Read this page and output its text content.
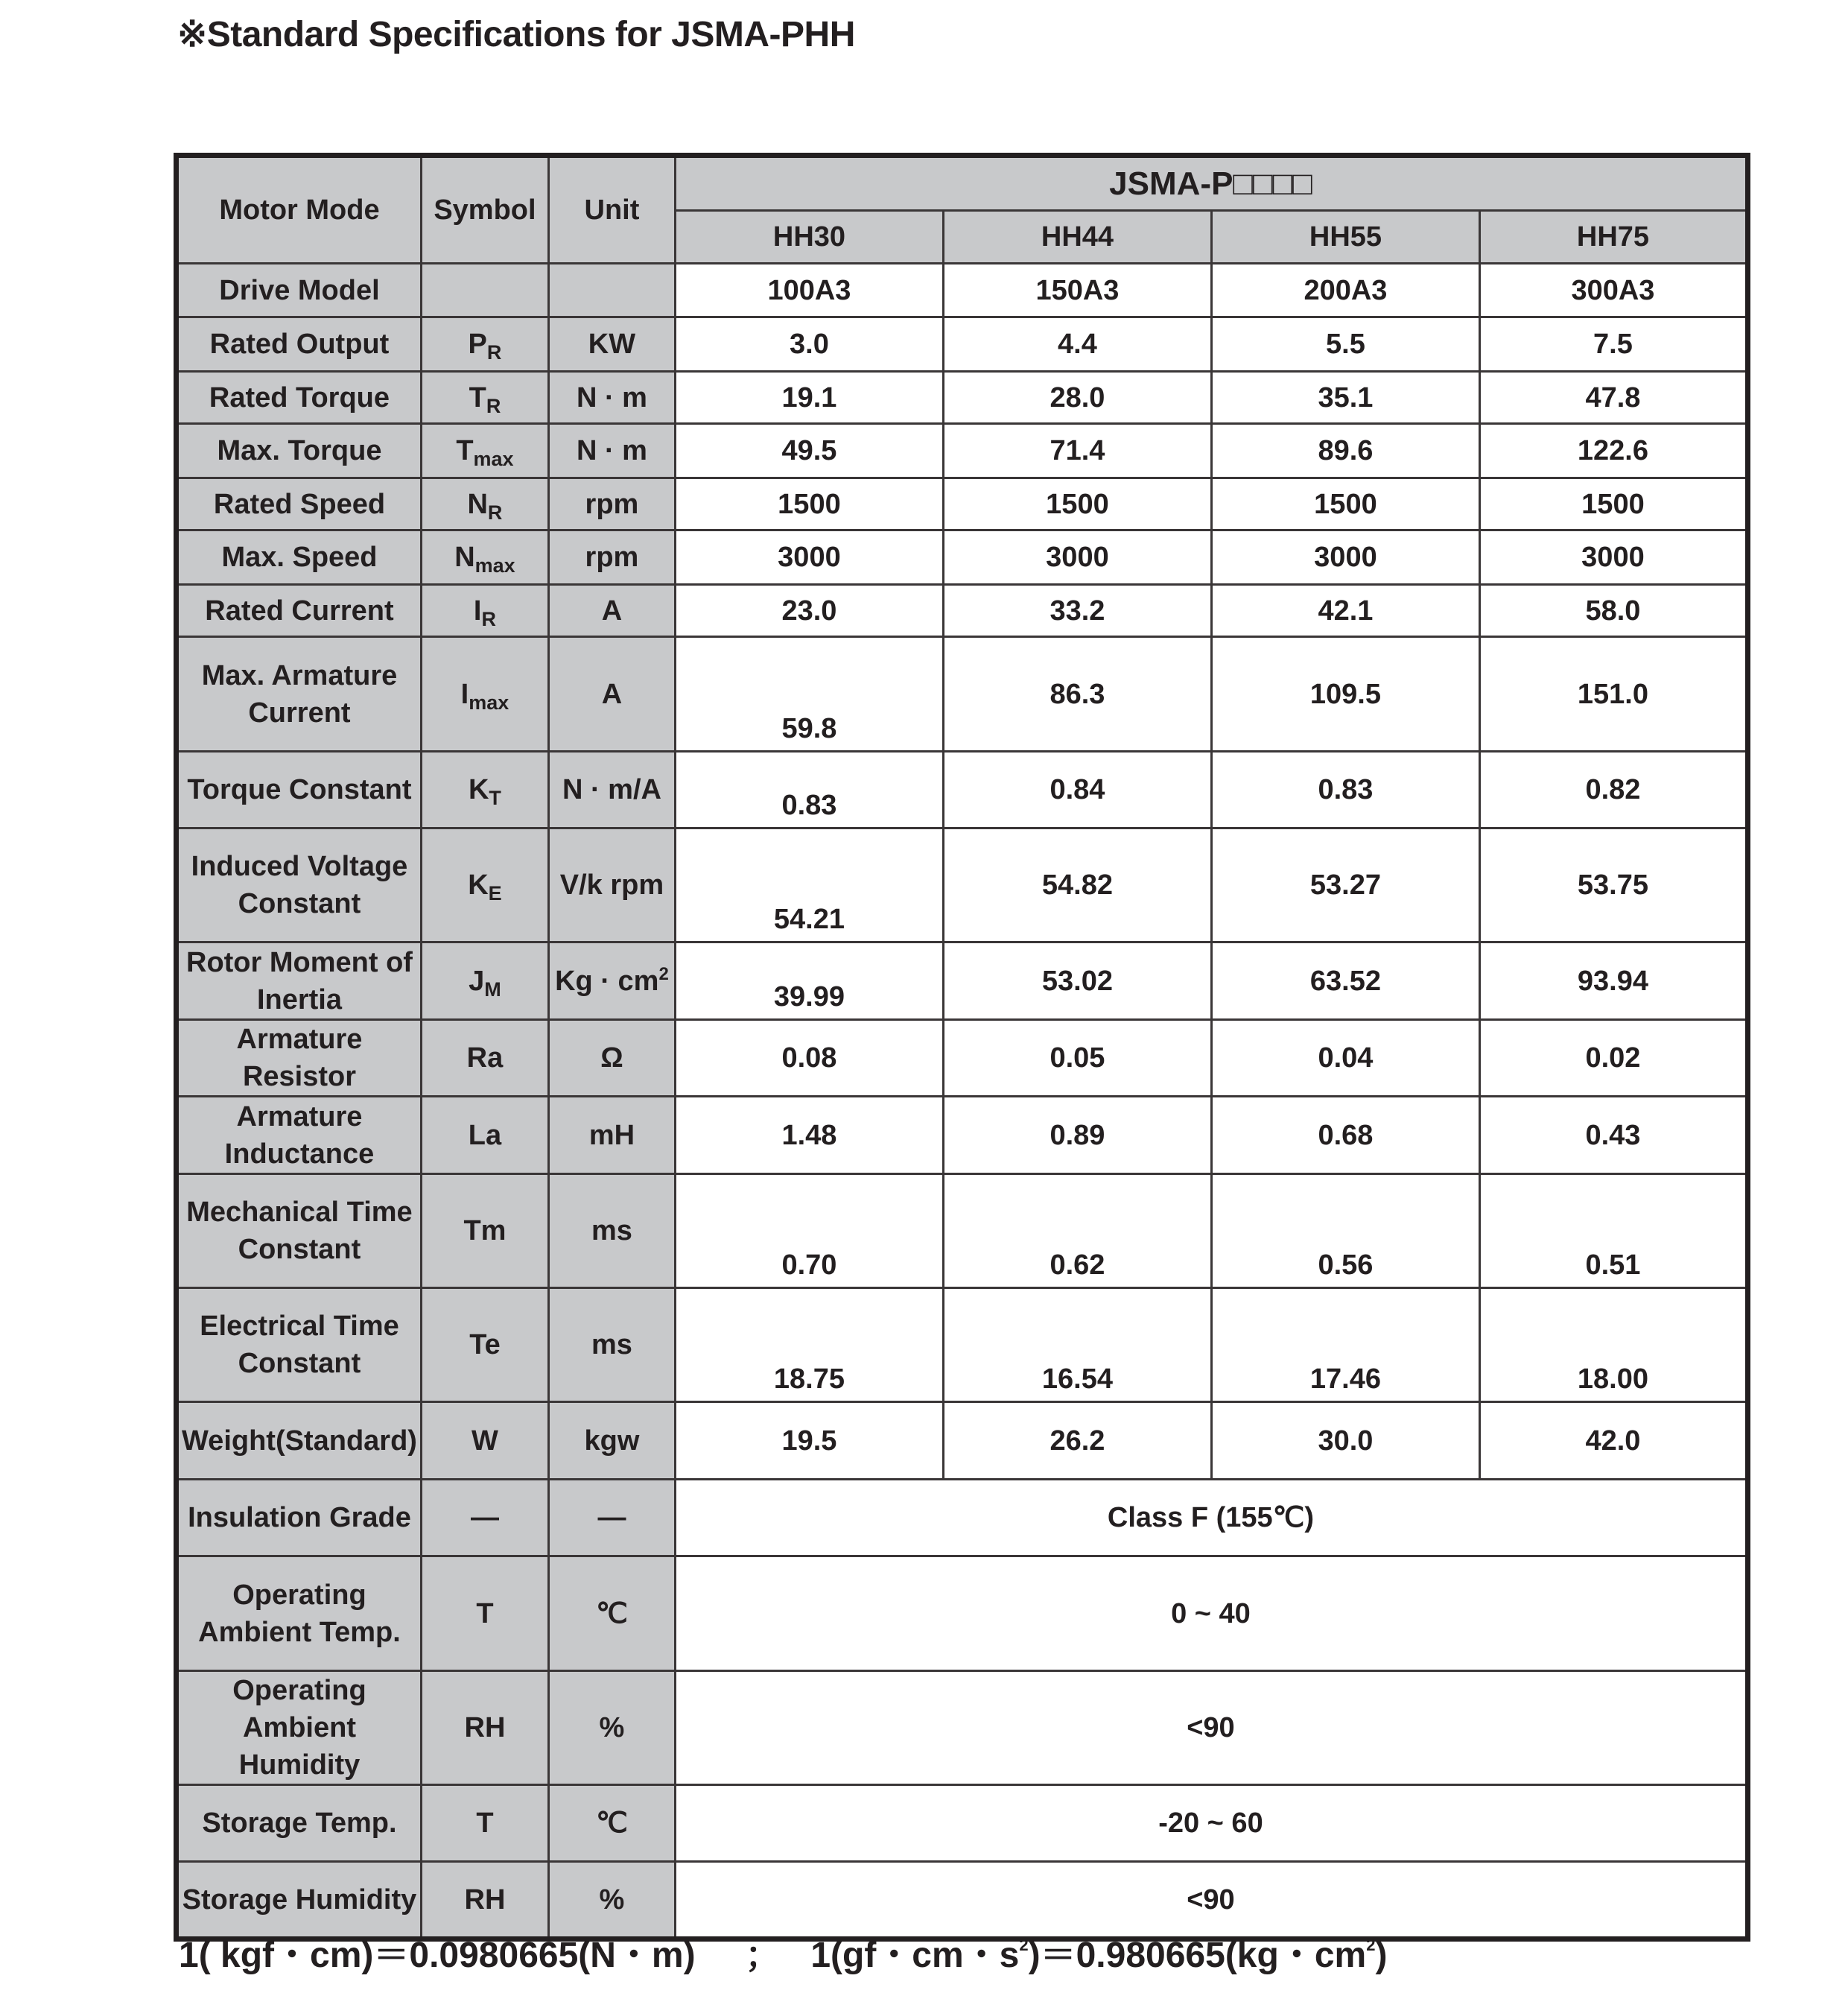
※Standard Specifications for JSMA-PHH
Motor Mode	Symbol	Unit	JSMA-P□□□□			
			HH30	HH44	HH55	HH75
Drive Model			100A3	150A3	200A3	300A3
Rated Output	$P_R$	KW	3.0	4.4	5.5	7.5
Rated Torque	$T_R$	N · m	19.1	28.0	35.1	47.8
Max. Torque	$T_{max}$	N · m	49.5	71.4	89.6	122.6
Rated Speed	$N_R$	rpm	1500	1500	1500	1500
Max. Speed	$N_{max}$	rpm	3000	3000	3000	3000
Rated Current	$I_R$	A	23.0	33.2	42.1	58.0
Max. Armature Current	$I_{max}$	A	59.8	86.3	109.5	151.0
Torque Constant	$K_T$	N · m/A	0.83	0.84	0.83	0.82
Induced Voltage Constant	$K_E$	V/k rpm	54.21	54.82	53.27	53.75
Rotor Moment of Inertia	$J_M$	$Kg \cdot cm^2$	39.99	53.02	63.52	93.94
Armature Resistor	Ra	Ω	0.08	0.05	0.04	0.02
Armature Inductance	La	mH	1.48	0.89	0.68	0.43
Mechanical Time Constant	Tm	ms	0.70	0.62	0.56	0.51
Electrical Time Constant	Te	ms	18.75	16.54	17.46	18.00
Weight(Standard)	W	kgw	19.5	26.2	30.0	42.0
Insulation Grade	—	—	Class F (155℃)			
Operating Ambient Temp.	T	℃	0 ~ 40			
Operating Ambient Humidity	RH	%	<90			
Storage Temp.	T	℃	-20 ~ 60			
Storage Humidity	RH	%	<90			
1( kgf・cm)＝0.0980665(N・m) ； 1(gf・cm・$s^2)=0.980665(kg$・$cm^2$)
